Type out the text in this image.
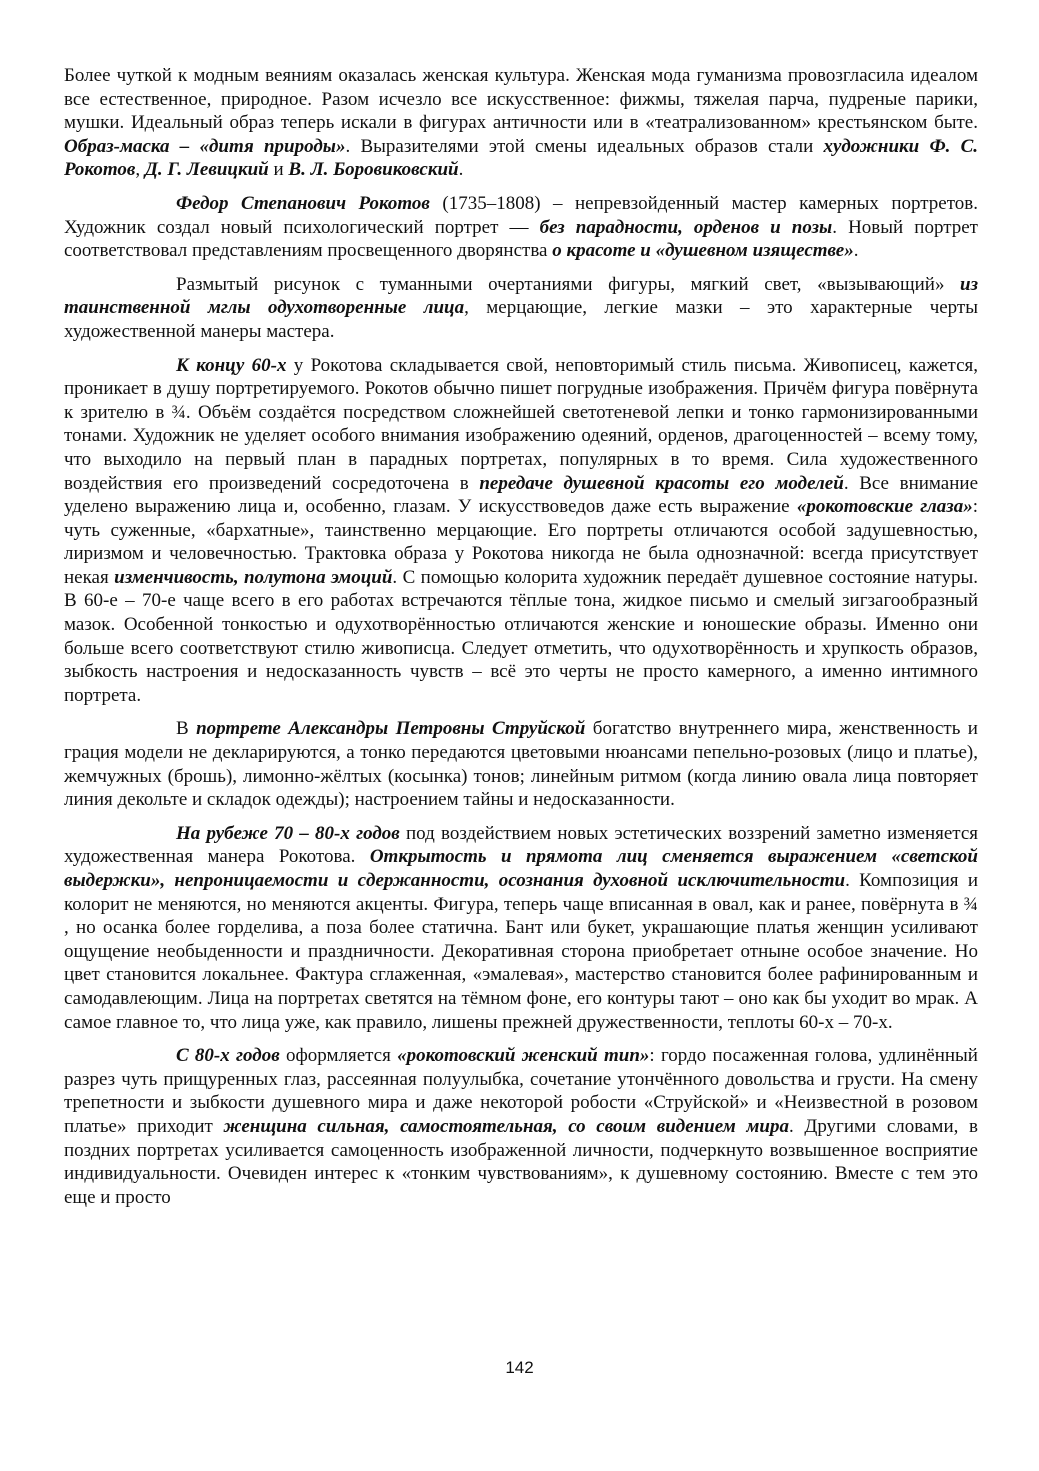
Более чуткой к модным веяниям оказалась женская культура. Женская мода гуманизма провозгласила идеалом все естественное, природное. Разом исчезло все искусственное: фижмы, тяжелая парча, пудреные парики, мушки. Идеальный образ теперь искали в фигурах античности или в «театрализованном» крестьянском быте. Образ-маска – «дитя природы». Выразителями этой смены идеальных образов стали художники Ф. С. Рокотов, Д. Г. Левицкий и В. Л. Боровиковский.

Федор Степанович Рокотов (1735–1808) – непревзойденный мастер камерных портретов. Художник создал новый психологический портрет — без парадности, орденов и позы. Новый портрет соответствовал представлениям просвещенного дворянства о красоте и «душевном изяществе».

Размытый рисунок с туманными очертаниями фигуры, мягкий свет, «вызывающий» из таинственной мглы одухотворенные лица, мерцающие, легкие мазки – это характерные черты художественной манеры мастера.

К концу 60-х у Рокотова складывается свой, неповторимый стиль письма. Живописец, кажется, проникает в душу портретируемого. Рокотов обычно пишет погрудные изображения. Причём фигура повёрнута к зрителю в ¾. Объём создаётся посредством сложнейшей светотеневой лепки и тонко гармонизированными тонами. Художник не уделяет особого внимания изображению одеяний, орденов, драгоценностей – всему тому, что выходило на первый план в парадных портретах, популярных в то время. Сила художественного воздействия его произведений сосредоточена в передаче душевной красоты его моделей. Все внимание уделено выражению лица и, особенно, глазам. У искусствоведов даже есть выражение «рокотовские глаза»: чуть суженные, «бархатные», таинственно мерцающие. Его портреты отличаются особой задушевностью, лиризмом и человечностью. Трактовка образа у Рокотова никогда не была однозначной: всегда присутствует некая изменчивость, полутона эмоций. С помощью колорита художник передаёт душевное состояние натуры. В 60-е – 70-е чаще всего в его работах встречаются тёплые тона, жидкое письмо и смелый зигзагообразный мазок. Особенной тонкостью и одухотворённостью отличаются женские и юношеские образы. Именно они больше всего соответствуют стилю живописца. Следует отметить, что одухотворённость и хрупкость образов, зыбкость настроения и недосказанность чувств – всё это черты не просто камерного, а именно интимного портрета.

В портрете Александры Петровны Струйской богатство внутреннего мира, женственность и грация модели не декларируются, а тонко передаются цветовыми нюансами пепельно-розовых (лицо и платье), жемчужных (брошь), лимонно-жёлтых (косынка) тонов; линейным ритмом (когда линию овала лица повторяет линия декольте и складок одежды); настроением тайны и недосказанности.

На рубеже 70 – 80-х годов под воздействием новых эстетических воззрений заметно изменяется художественная манера Рокотова. Открытость и прямота лиц сменяется выражением «светской выдержки», непроницаемости и сдержанности, осознания духовной исключительности. Композиция и колорит не меняются, но меняются акценты. Фигура, теперь чаще вписанная в овал, как и ранее, повёрнута в ¾ , но осанка более горделива, а поза более статична. Бант или букет, украшающие платья женщин усиливают ощущение необыденности и праздничности. Декоративная сторона приобретает отныне особое значение. Но цвет становится локальнее. Фактура сглаженная, «эмалевая», мастерство становится более рафинированным и самодавлеющим. Лица на портретах светятся на тёмном фоне, его контуры тают – оно как бы уходит во мрак. А самое главное то, что лица уже, как правило, лишены прежней дружественности, теплоты 60-х – 70-х.

С 80-х годов оформляется «рокотовский женский тип»: гордо посаженная голова, удлинённый разрез чуть прищуренных глаз, рассеянная полуулыбка, сочетание утончённого довольства и грусти. На смену трепетности и зыбкости душевного мира и даже некоторой робости «Струйской» и «Неизвестной в розовом платье» приходит женщина сильная, самостоятельная, со своим видением мира. Другими словами, в поздних портретах усиливается самоценность изображенной личности, подчеркнуто возвышенное восприятие индивидуальности. Очевиден интерес к «тонким чувствованиям», к душевному состоянию. Вместе с тем это еще и просто

142
